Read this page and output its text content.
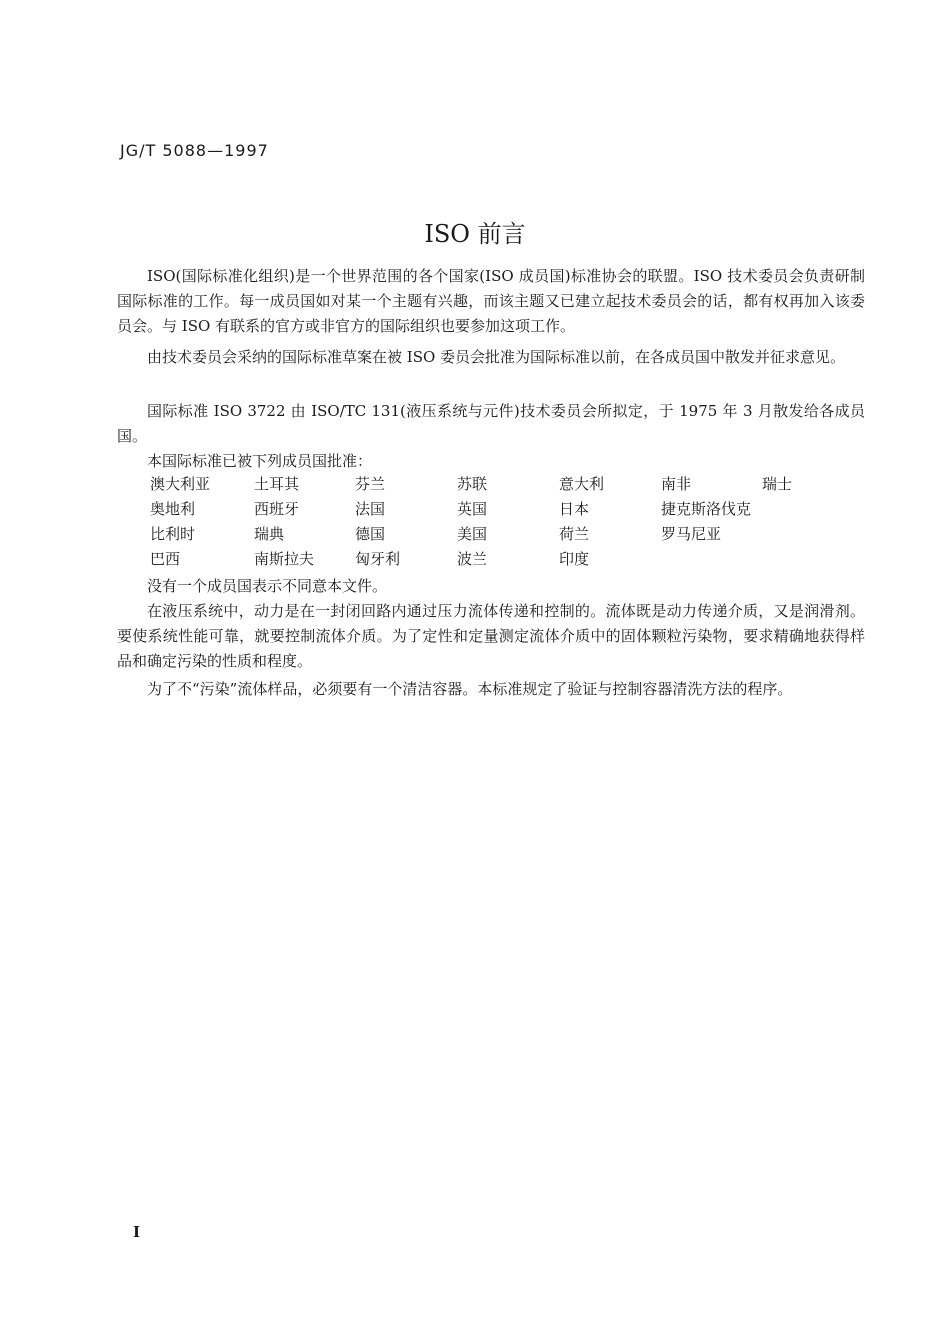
JG/T 5088—1997
ISO 前言

ISO(国际标准化组织)是一个世界范围的各个国家(ISO 成员国)标准协会的联盟。ISO 技术委员会负责研制国际标准的工作。每一成员国如对某一个主题有兴趣，而该主题又已建立起技术委员会的话，都有权再加入该委员会。与 ISO 有联系的官方或非官方的国际组织也要参加这项工作。

由技术委员会采纳的国际标准草案在被 ISO 委员会批准为国际标准以前，在各成员国中散发并征求意见。

国际标准 ISO 3722 由 ISO/TC 131(液压系统与元件)技术委员会所拟定，于 1975 年 3 月散发给各成员国。

本国际标准已被下列成员国批准：

澳大利亚	土耳其	芬兰	苏联	意大利	南非	瑞士
奥地利	西班牙	法国	英国	日本	捷克斯洛伐克
比利时	瑞典	德国	美国	荷兰	罗马尼亚
巴西	南斯拉夫	匈牙利	波兰	印度

没有一个成员国表示不同意本文件。

在液压系统中，动力是在一封闭回路内通过压力流体传递和控制的。流体既是动力传递介质，又是润滑剂。要使系统性能可靠，就要控制流体介质。为了定性和定量测定流体介质中的固体颗粒污染物，要求精确地获得样品和确定污染的性质和程度。

为了不“污染”流体样品，必须要有一个清洁容器。本标准规定了验证与控制容器清洗方法的程序。

I
